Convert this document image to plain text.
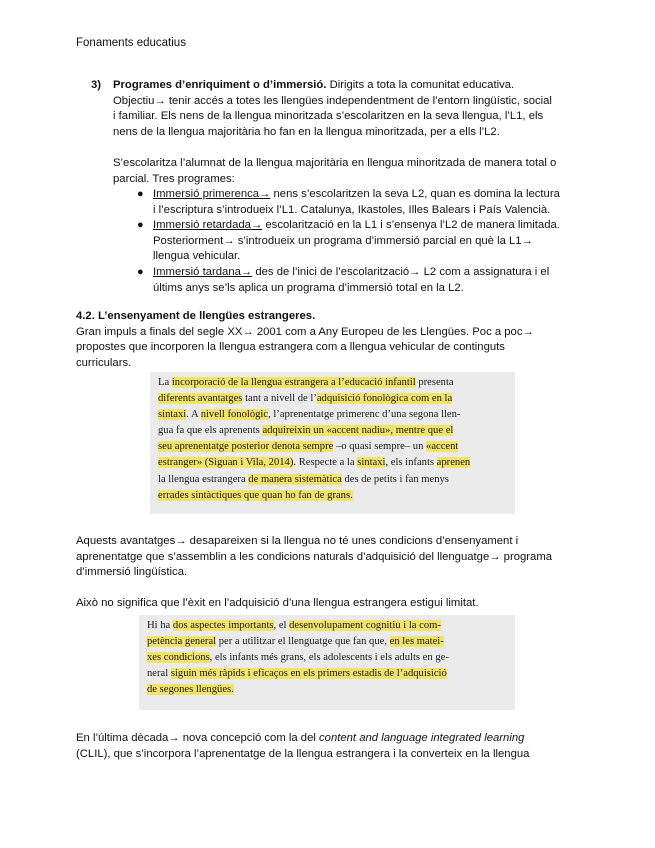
Fonaments educatius
3) Programes d’enriquiment o d’immersió. Dirigits a tota la comunitat educativa.
Objectiu→ tenir accés a totes les llengües independentment de l’entorn lingüístic, social
i familiar. Els nens de la llengua minoritzada s’escolaritzen en la seva llengua, l’L1, els
nens de la llengua majoritària ho fan en la llengua minoritzada, per a ells l’L2.
S’escolaritza l’alumnat de la llengua majoritària en llengua minoritzada de manera total o
parcial. Tres programes:
● Immersió primerenca→ nens s’escolaritzen la seva L2, quan es domina la lectura
i l’escriptura s’introdueix l’L1. Catalunya, Ikastoles, Illes Balears i País Valencià.
● Immersió retardada→ escolarització en la L1 i s’ensenya l’L2 de manera limitada.
Posteriorment→ s’introdueix un programa d’immersió parcial en què la L1→
llengua vehicular.
● Immersió tardana→ des de l’inici de l’escolarització→ L2 com a assignatura i el
últims anys se’ls aplica un programa d’immersió total en la L2.
4.2. L’ensenyament de llengües estrangeres.
Gran impuls a finals del segle XX→ 2001 com a Any Europeu de les Llengües. Poc a poc→
propostes que incorporen la llengua estrangera com a llengua vehicular de continguts
curriculars.
La incorporació de la llengua estrangera a l’educació infantil presenta
diferents avantatges tant a nivell de l’adquisició fonològica com en la
sintaxi. A nivell fonològic, l’aprenentatge primerenc d’una segona llen-
gua fa que els aprenents adquireixin un «accent nadiu», mentre que el
seu aprenentatge posterior denota sempre –o quasi sempre– un «accent
estranger» (Siguan i Vila, 2014). Respecte a la sintaxi, els infants aprenen
la llengua estrangera de manera sistemàtica des de petits i fan menys
errades sintàctiques que quan ho fan de grans.
Aquests avantatges→ desapareixen si la llengua no té unes condicions d’ensenyament i
aprenentatge que s’assemblin a les condicions naturals d’adquisició del llenguatge→ programa
d’immersió lingüística.
Això no significa que l’èxit en l’adquisició d’una llengua estrangera estigui limitat.
Hi ha dos aspectes importants, el desenvolupament cognitiu i la com-
petència general per a utilitzar el llenguatge que fan que, en les matei-
xes condicions, els infants més grans, els adolescents i els adults en ge-
neral siguin més ràpids i eficaços en els primers estadis de l’adquisició
de segones llengües.
En l’última dècada→ nova concepció com la del content and language integrated learning
(CLIL), que s’incorpora l’aprenentatge de la llengua estrangera i la converteix en la llengua
